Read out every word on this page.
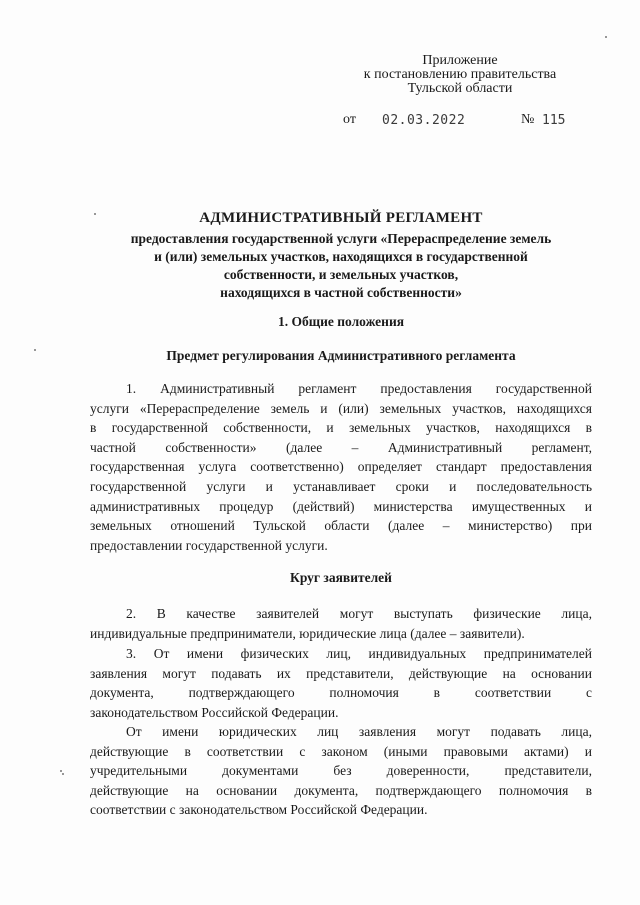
Приложение
к постановлению правительства
Тульской области
от 02.03.2022	№ 115
АДМИНИСТРАТИВНЫЙ РЕГЛАМЕНТ
предоставления государственной услуги «Перераспределение земель
и (или) земельных участков, находящихся в государственной
собственности, и земельных участков,
находящихся в частной собственности»
1. Общие положения
Предмет регулирования Административного регламента
1. Административный регламент предоставления государственной
услуги «Перераспределение земель и (или) земельных участков, находящихся
в государственной собственности, и земельных участков, находящихся в
частной собственности» (далее – Административный регламент,
государственная услуга соответственно) определяет стандарт предоставления
государственной услуги и устанавливает сроки и последовательность
административных процедур (действий) министерства имущественных и
земельных отношений Тульской области (далее – министерство) при
предоставлении государственной услуги.
Круг заявителей
2. В качестве заявителей могут выступать физические лица,
индивидуальные предприниматели, юридические лица (далее – заявители).
3. От имени физических лиц, индивидуальных предпринимателей
заявления могут подавать их представители, действующие на основании
документа, подтверждающего полномочия в соответствии с
законодательством Российской Федерации.
От имени юридических лиц заявления могут подавать лица,
действующие в соответствии с законом (иными правовыми актами) и
учредительными документами без доверенности, представители,
действующие на основании документа, подтверждающего полномочия в
соответствии с законодательством Российской Федерации.
